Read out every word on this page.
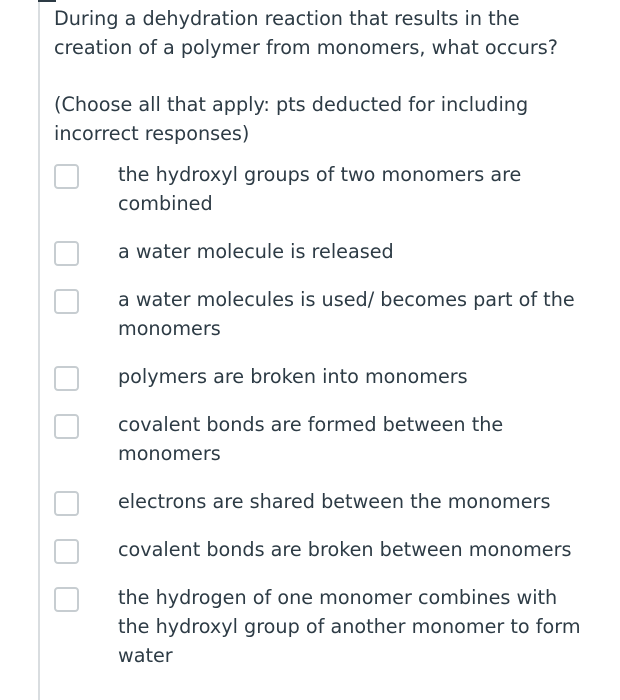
During a dehydration reaction that results in the creation of a polymer from monomers, what occurs?

(Choose all that apply: pts deducted for including incorrect responses)

the hydroxyl groups of two monomers are combined
a water molecule is released
a water molecules is used/ becomes part of the monomers
polymers are broken into monomers
covalent bonds are formed between the monomers
electrons are shared between the monomers
covalent bonds are broken between monomers
the hydrogen of one monomer combines with the hydroxyl group of another monomer to form water
